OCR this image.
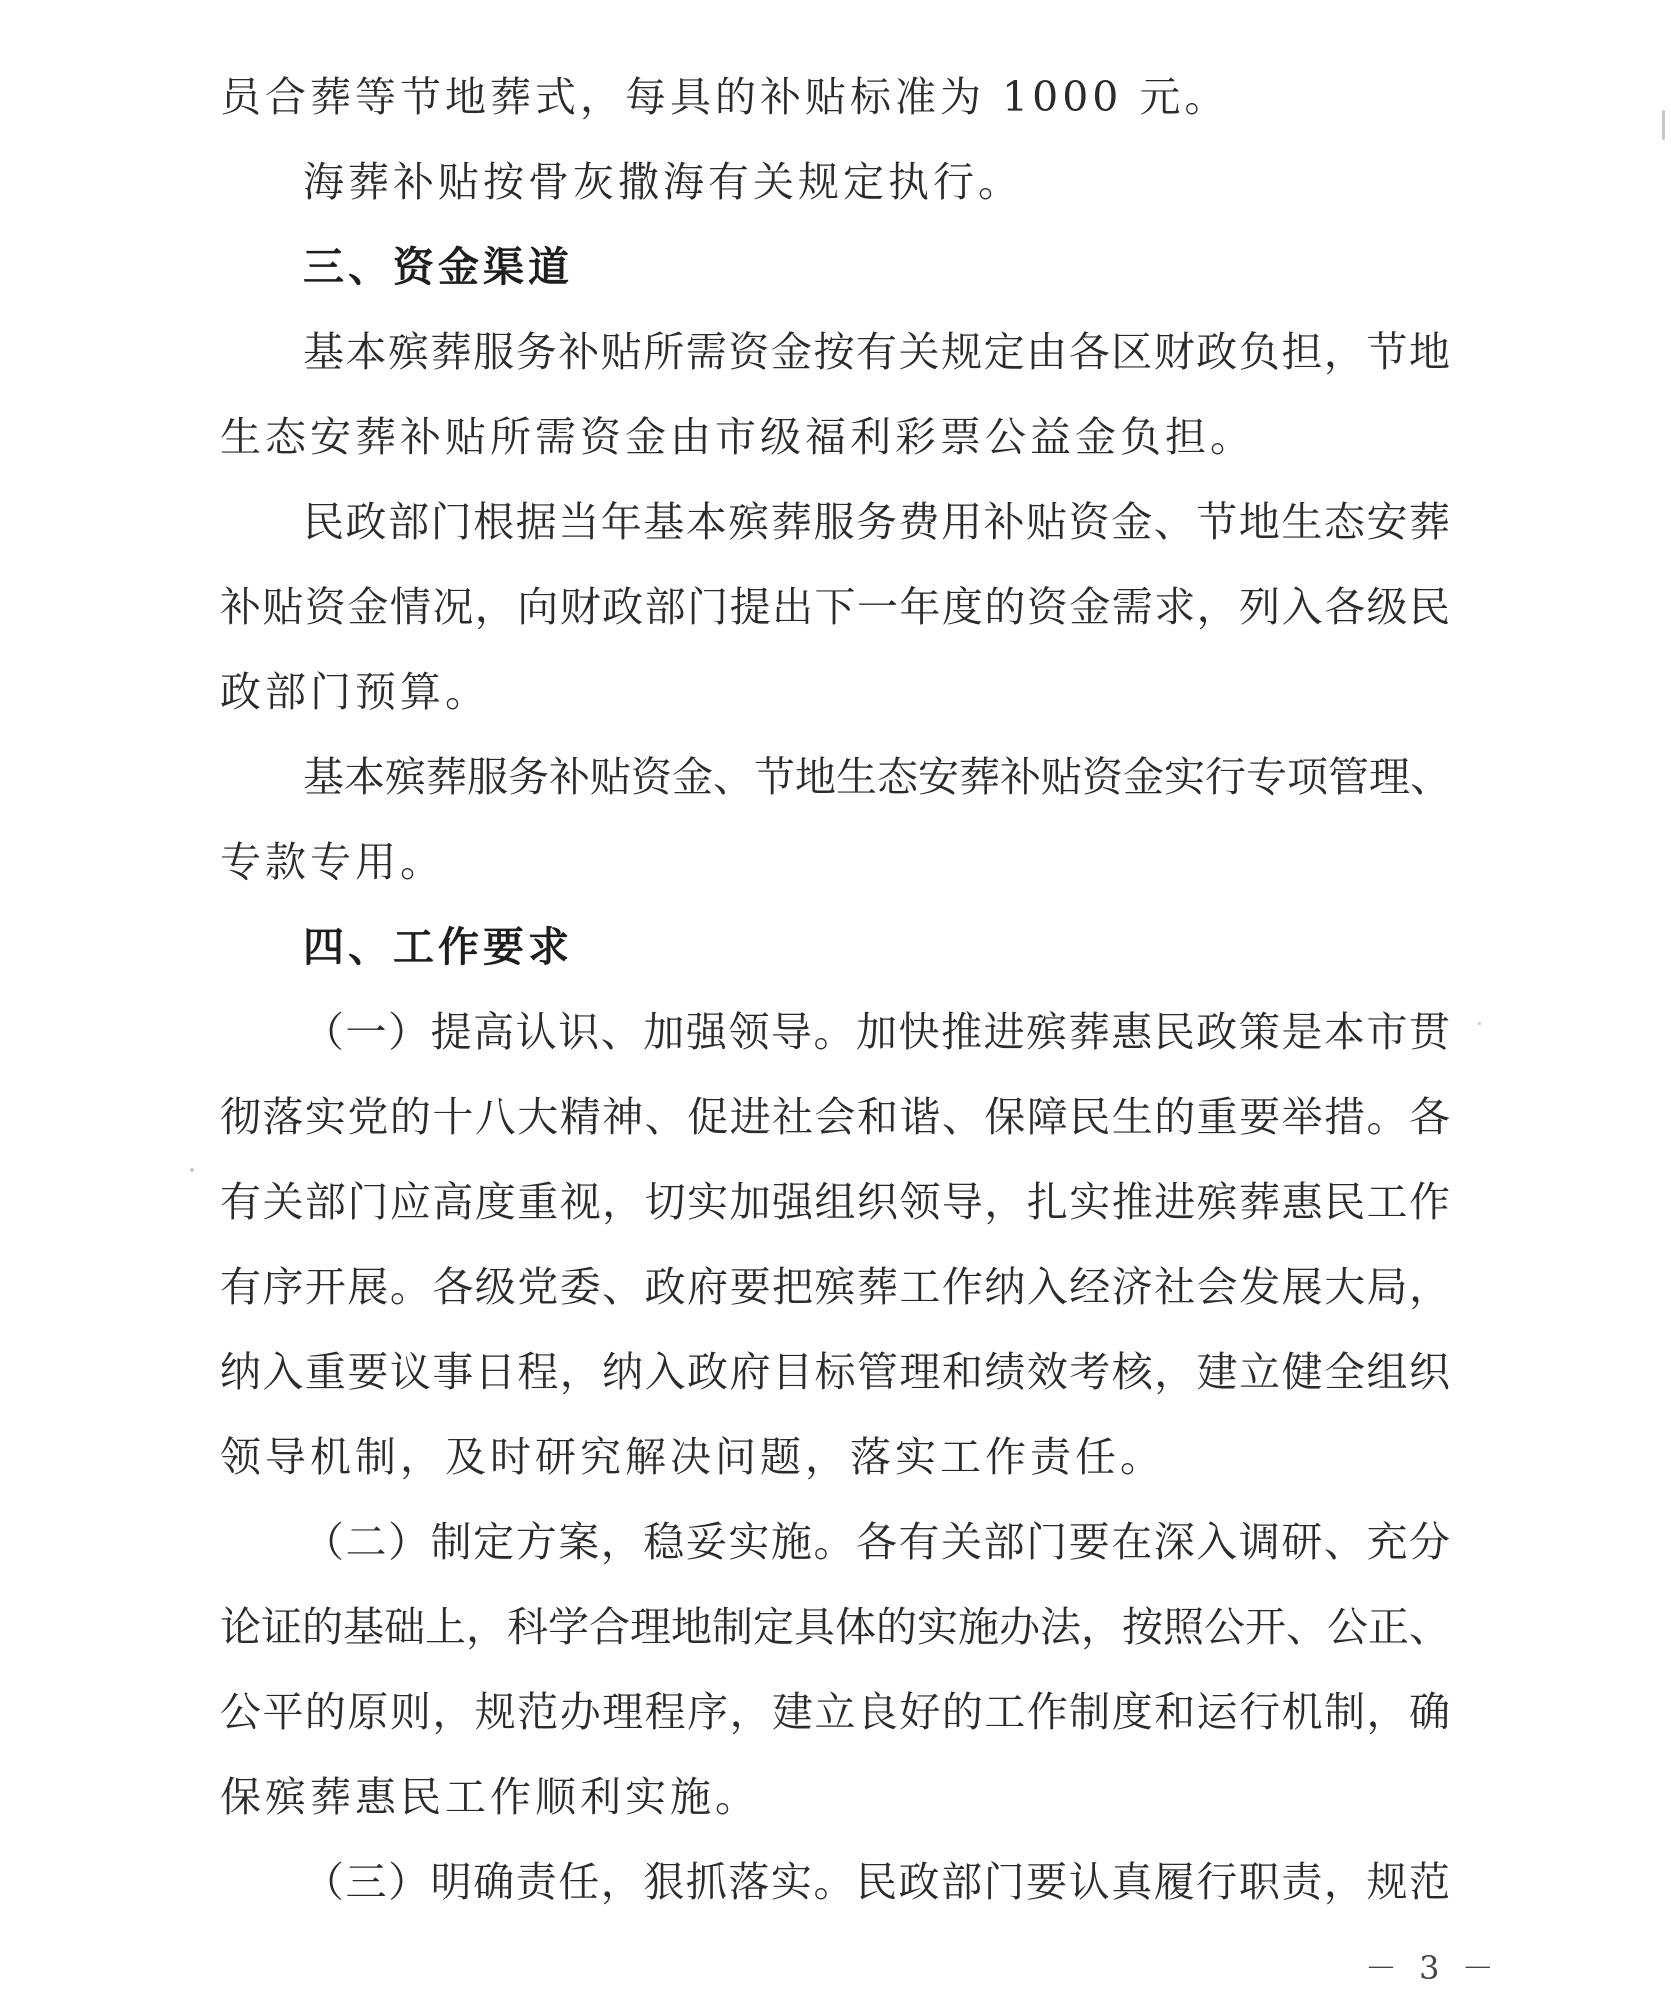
员合葬等节地葬式，每具的补贴标准为 1000 元。
海葬补贴按骨灰撒海有关规定执行。
三、资金渠道
基本殡葬服务补贴所需资金按有关规定由各区财政负担，节地
生态安葬补贴所需资金由市级福利彩票公益金负担。
民政部门根据当年基本殡葬服务费用补贴资金、节地生态安葬
补贴资金情况，向财政部门提出下一年度的资金需求，列入各级民
政部门预算。
基本殡葬服务补贴资金、节地生态安葬补贴资金实行专项管理、
专款专用。
四、工作要求
（一）提高认识、加强领导。加快推进殡葬惠民政策是本市贯
彻落实党的十八大精神、促进社会和谐、保障民生的重要举措。各
有关部门应高度重视，切实加强组织领导，扎实推进殡葬惠民工作
有序开展。各级党委、政府要把殡葬工作纳入经济社会发展大局，
纳入重要议事日程，纳入政府目标管理和绩效考核，建立健全组织
领导机制，及时研究解决问题，落实工作责任。
（二）制定方案，稳妥实施。各有关部门要在深入调研、充分
论证的基础上，科学合理地制定具体的实施办法，按照公开、公正、
公平的原则，规范办理程序，建立良好的工作制度和运行机制，确
保殡葬惠民工作顺利实施。
（三）明确责任，狠抓落实。民政部门要认真履行职责，规范
－ 3 －
